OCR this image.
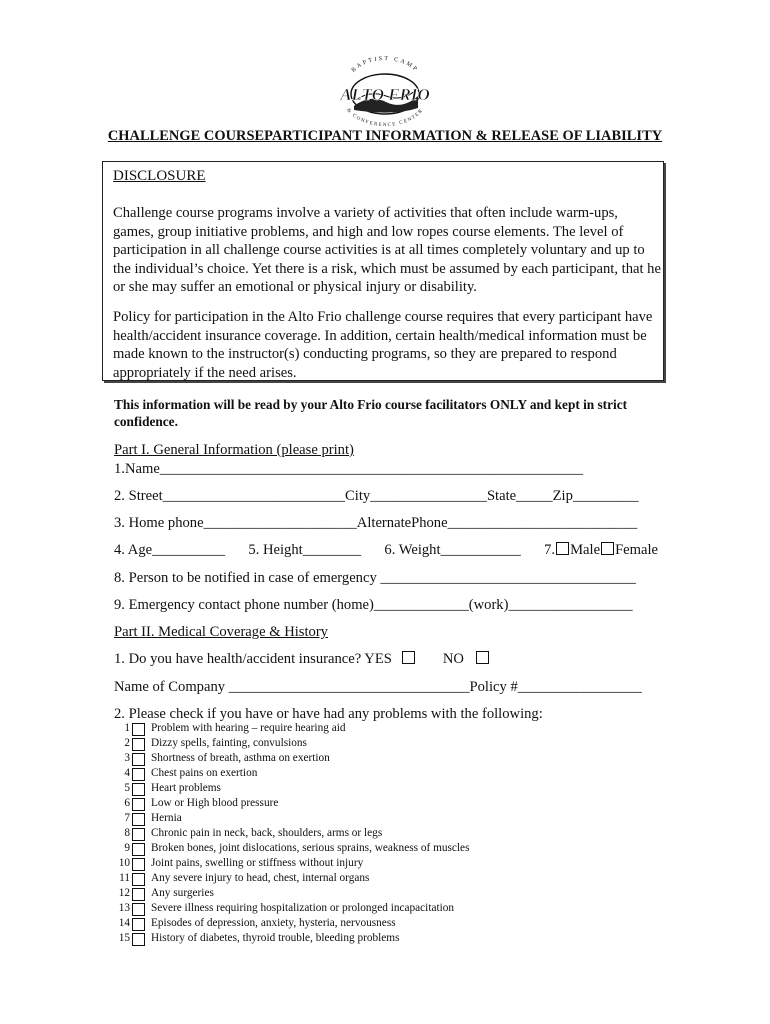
BAPTIST CAMP
ALTO FRIO
& CONFERENCE CENTER
CHALLENGE COURSEPARTICIPANT INFORMATION & RELEASE OF LIABILITY
DISCLOSURE
Challenge course programs involve a variety of activities that often include warm-ups, games, group initiative problems, and high and low ropes course elements. The level of participation in all challenge course activities is at all times completely voluntary and up to the individual’s choice. Yet there is a risk, which must be assumed by each participant, that he or she may suffer an emotional or physical injury or disability.
Policy for participation in the Alto Frio challenge course requires that every participant have health/accident insurance coverage. In addition, certain health/medical information must be made known to the instructor(s) conducting programs, so they are prepared to respond appropriately if the need arises.
This information will be read by your Alto Frio course facilitators ONLY and kept in strict confidence.
Part I. General Information (please print)
1.Name__________________________________________________________
2. Street_________________________City________________State_____Zip_________
3. Home phone_____________________AlternatePhone__________________________
4. Age__________ 5. Height________ 6. Weight___________ 7. Male Female
8. Person to be notified in case of emergency ___________________________________
9. Emergency contact phone number (home)_____________(work)_________________
Part II. Medical Coverage & History
1. Do you have health/accident insurance? YES	NO
Name of Company _________________________________Policy #_________________
2. Please check if you have or have had any problems with the following:
1 Problem with hearing – require hearing aid
2 Dizzy spells, fainting, convulsions
3 Shortness of breath, asthma on exertion
4 Chest pains on exertion
5 Heart problems
6 Low or High blood pressure
7 Hernia
8 Chronic pain in neck, back, shoulders, arms or legs
9 Broken bones, joint dislocations, serious sprains, weakness of muscles
10 Joint pains, swelling or stiffness without injury
11 Any severe injury to head, chest, internal organs
12 Any surgeries
13 Severe illness requiring hospitalization or prolonged incapacitation
14 Episodes of depression, anxiety, hysteria, nervousness
15 History of diabetes, thyroid trouble, bleeding problems
